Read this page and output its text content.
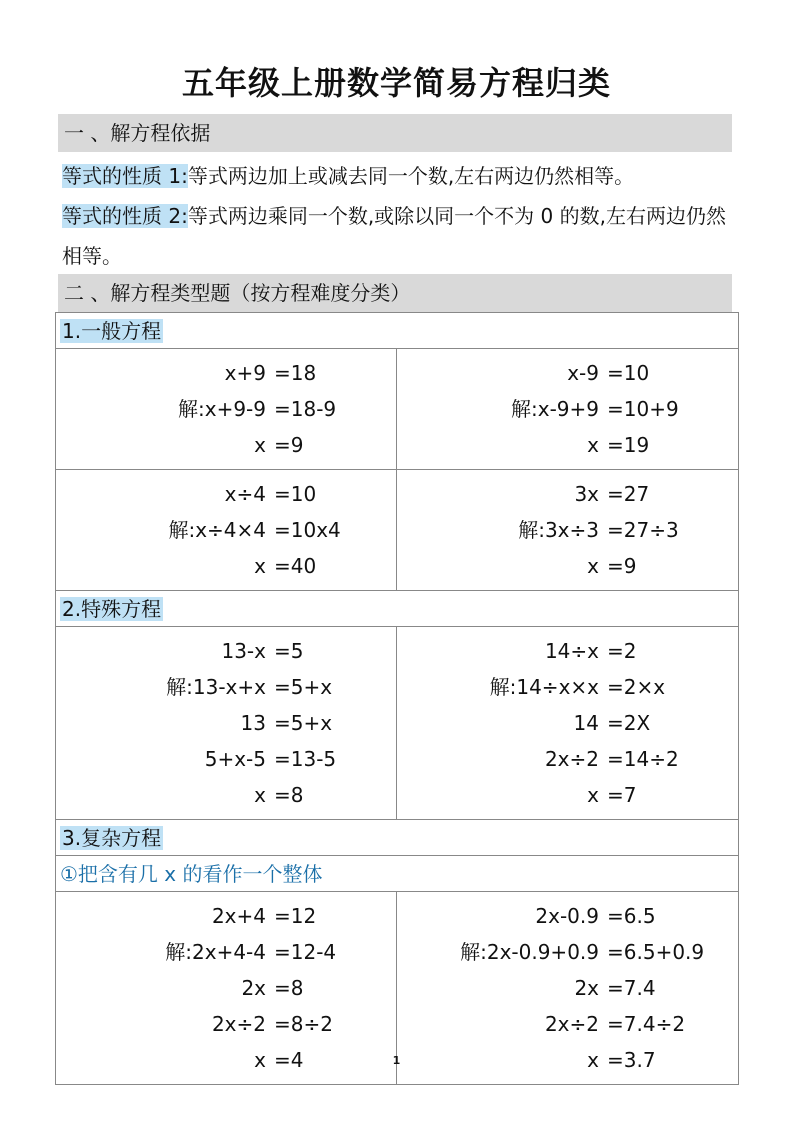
五年级上册数学简易方程归类
一 、解方程依据
等式的性质 1:等式两边加上或减去同一个数,左右两边仍然相等。
等式的性质 2:等式两边乘同一个数,或除以同一个不为 0 的数,左右两边仍然相等。
二 、解方程类型题（按方程难度分类）
1.一般方程
x+9 =18
解:x+9-9 =18-9
x =9
x-9 =10
解:x-9+9 =10+9
x =19
x÷4 =10
解:x÷4×4 =10x4
x =40
3x =27
解:3x÷3 =27÷3
x =9
2.特殊方程
13-x =5
解:13-x+x =5+x
13 =5+x
5+x-5 =13-5
x =8
14÷x =2
解:14÷x×x =2×x
14 =2X
2x÷2 =14÷2
x =7
3.复杂方程
①把含有几 x 的看作一个整体
2x+4 =12
解:2x+4-4 =12-4
2x =8
2x÷2 =8÷2
x =4
2x-0.9 =6.5
解:2x-0.9+0.9 =6.5+0.9
2x =7.4
2x÷2 =7.4÷2
x =3.7
1
